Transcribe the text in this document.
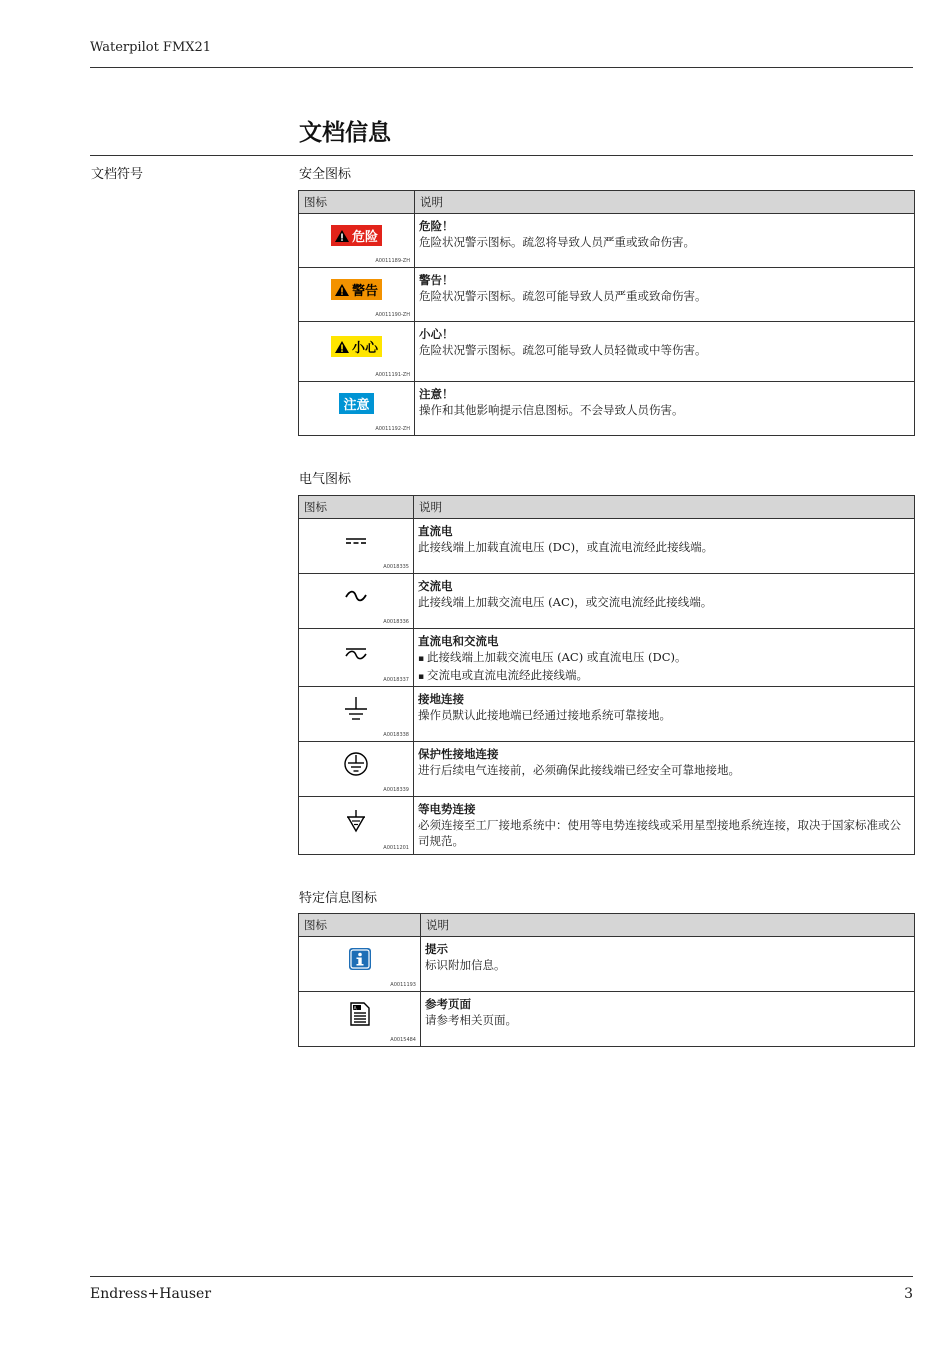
Waterpilot FMX21
文档信息
文档符号	安全图标
图标	说明

危险
A0011189-ZH	危险！
危险状况警示图标。疏忽将导致人员严重或致命伤害。

警告
A0011190-ZH	警告！
危险状况警示图标。疏忽可能导致人员严重或致命伤害。

小心
A0011191-ZH	小心！
危险状况警示图标。疏忽可能导致人员轻微或中等伤害。

注意
A0011192-ZH	注意！
操作和其他影响提示信息图标。不会导致人员伤害。
电气图标
图标	说明

A0018335	直流电
此接线端上加载直流电压 (DC)，或直流电流经此接线端。

A0018336	交流电
此接线端上加载交流电压 (AC)，或交流电流经此接线端。

A0018337	直流电和交流电
▪ 此接线端上加载交流电压 (AC) 或直流电压 (DC)。
▪ 交流电或直流电流经此接线端。

A0018338	接地连接
操作员默认此接地端已经通过接地系统可靠接地。

A0018339	保护性接地连接
进行后续电气连接前，必须确保此接线端已经安全可靠地接地。

A0011201	等电势连接
必须连接至工厂接地系统中：使用等电势连接线或采用星型接地系统连接，取决于国家标准或公司规范。
特定信息图标
图标	说明

A0011193	提示
标识附加信息。

A
A0015484	参考页面
请参考相关页面。
Endress+Hauser	3
